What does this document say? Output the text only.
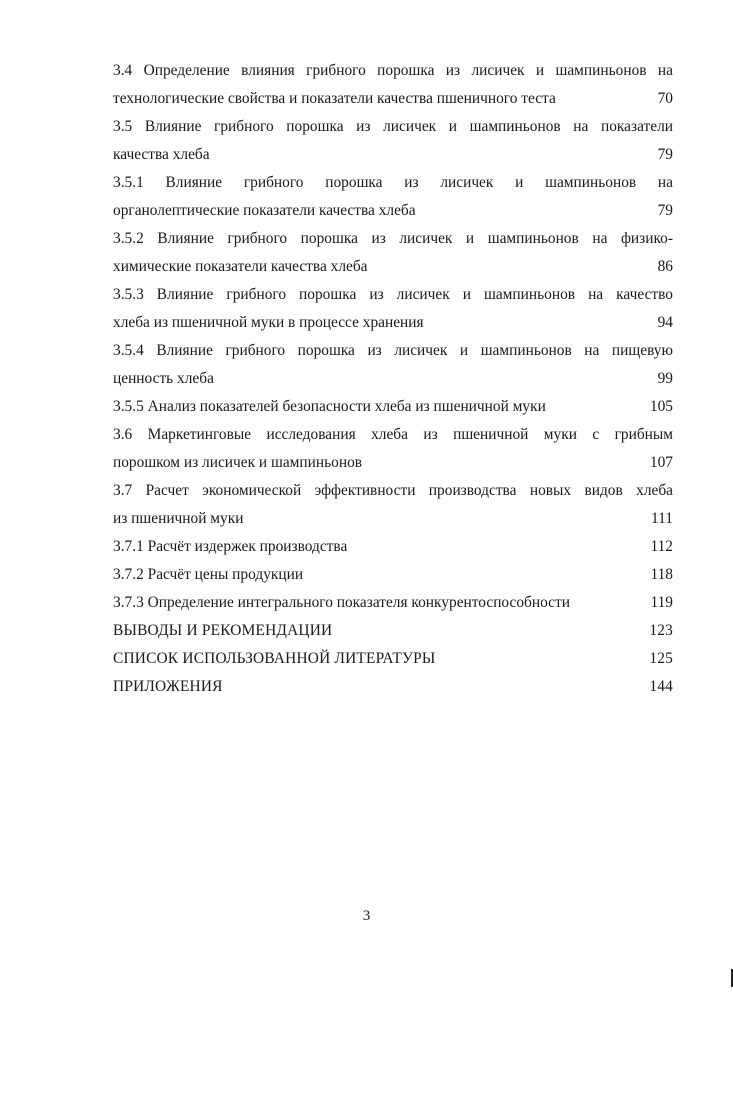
3.4 Определение влияния грибного порошка из лисичек и шампиньонов на
технологические свойства и показатели качества пшеничного теста	70
3.5 Влияние грибного порошка из лисичек и шампиньонов на показатели
качества хлеба	79
3.5.1 Влияние грибного порошка из лисичек и шампиньонов на
органолептические показатели качества хлеба	79
3.5.2 Влияние грибного порошка из лисичек и шампиньонов на физико-
химические показатели качества хлеба	86
3.5.3 Влияние грибного порошка из лисичек и шампиньонов на качество
хлеба из пшеничной муки в процессе хранения	94
3.5.4 Влияние грибного порошка из лисичек и шампиньонов на пищевую
ценность хлеба	99
3.5.5 Анализ показателей безопасности хлеба из пшеничной муки	105
3.6 Маркетинговые исследования хлеба из пшеничной муки с грибным
порошком из лисичек и шампиньонов	107
3.7 Расчет экономической эффективности производства новых видов хлеба
из пшеничной муки	111
3.7.1 Расчёт издержек производства	112
3.7.2 Расчёт цены продукции	118
3.7.3 Определение интегрального показателя конкурентоспособности	119
ВЫВОДЫ И РЕКОМЕНДАЦИИ	123
СПИСОК ИСПОЛЬЗОВАННОЙ ЛИТЕРАТУРЫ	125
ПРИЛОЖЕНИЯ	144
3
